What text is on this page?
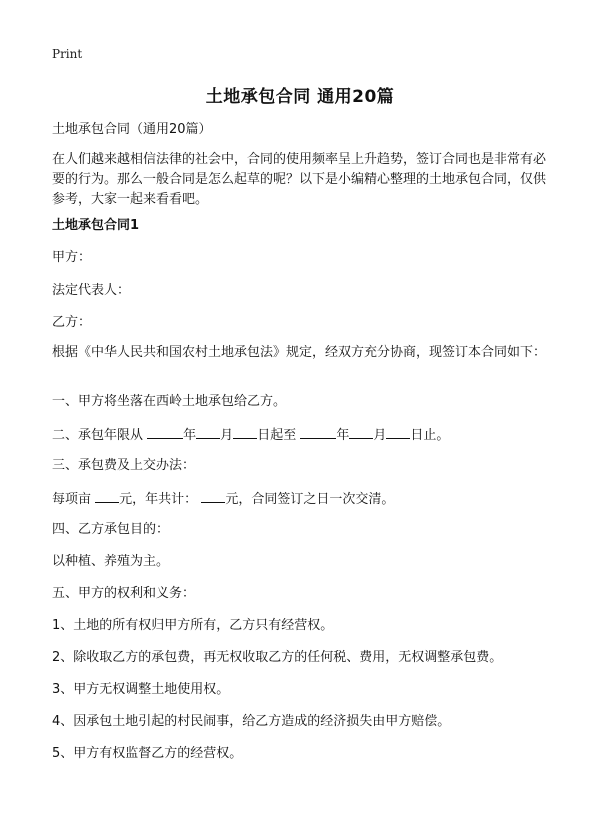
Print
土地承包合同 通用20篇

土地承包合同（通用20篇）

在人们越来越相信法律的社会中，合同的使用频率呈上升趋势，签订合同也是非常有必要的行为。那么一般合同是怎么起草的呢？以下是小编精心整理的土地承包合同，仅供参考，大家一起来看看吧。

土地承包合同1

甲方：

法定代表人：

乙方：

根据《中华人民共和国农村土地承包法》规定，经双方充分协商，现签订本合同如下：

一、甲方将坐落在西岭土地承包给乙方。

二、承包年限从	年 月 日起至	年 月 日止。

三、承包费及上交办法：

每项亩 元，年共计： 元，合同签订之日一次交清。

四、乙方承包目的：

以种植、养殖为主。

五、甲方的权利和义务：

1、土地的所有权归甲方所有，乙方只有经营权。

2、除收取乙方的承包费，再无权收取乙方的任何税、费用，无权调整承包费。

3、甲方无权调整土地使用权。

4、因承包土地引起的村民闹事，给乙方造成的经济损失由甲方赔偿。

5、甲方有权监督乙方的经营权。
